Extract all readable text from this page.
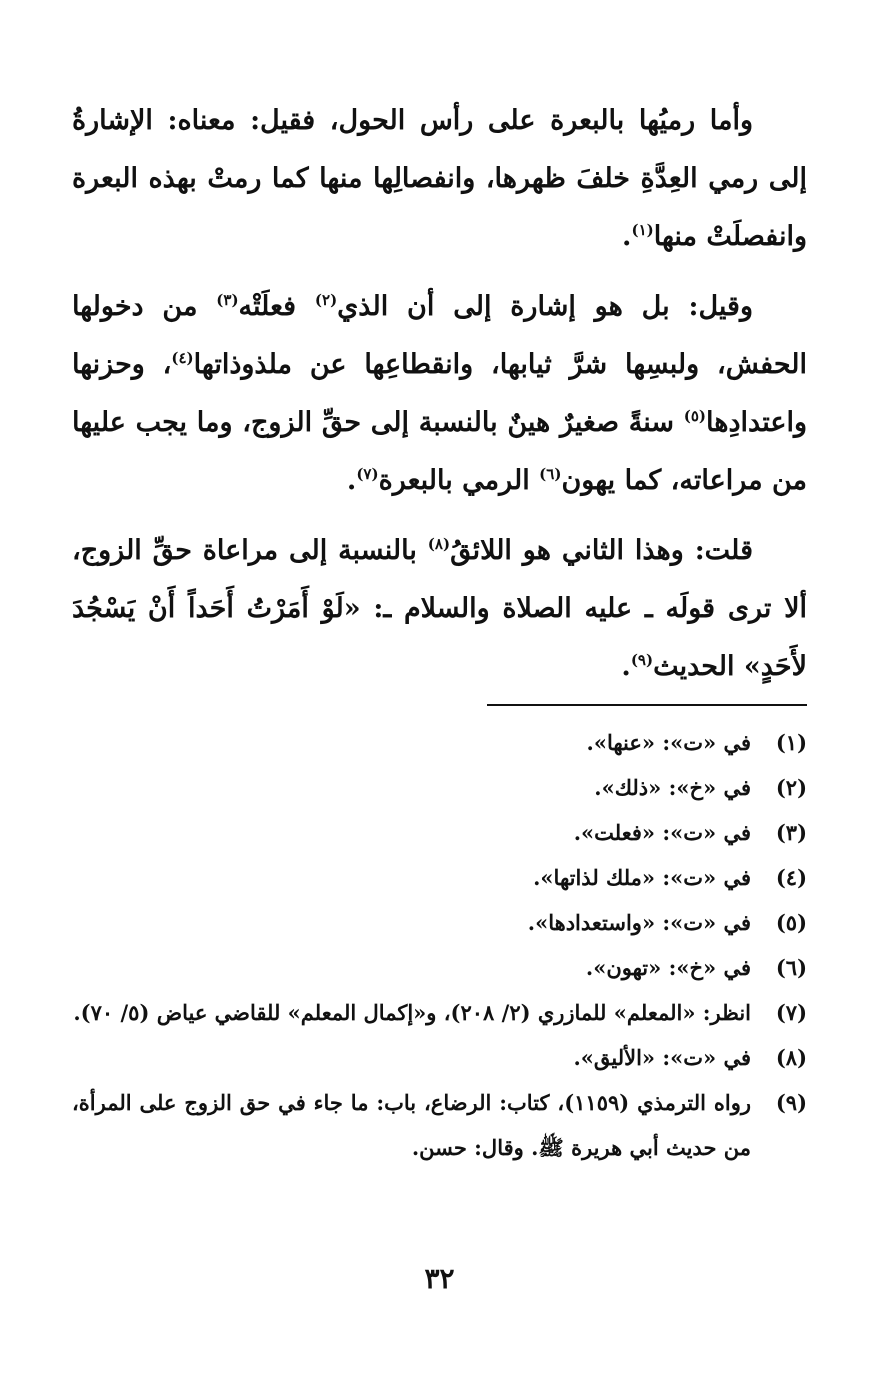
وأما رميُها بالبعرة على رأس الحول، فقيل: معناه: الإشارةُ إلى رمي العِدَّةِ خلفَ ظهرها، وانفصالِها منها كما رمتْ بهذه البعرة وانفصلَتْ منها$^{(١)}$.

وقيل: بل هو إشارة إلى أن الذي$^{(٢)}$ فعلَتْه$^{(٣)}$ من دخولها الحفش، ولبسِها شرَّ ثيابها، وانقطاعِها عن ملذوذاتها$^{(٤)}$، وحزنها واعتدادِها$^{(٥)}$ سنةً صغيرٌ هينٌ بالنسبة إلى حقِّ الزوج، وما يجب عليها من مراعاته، كما يهون$^{(٦)}$ الرمي بالبعرة$^{(٧)}$.

قلت: وهذا الثاني هو اللائقُ$^{(٨)}$ بالنسبة إلى مراعاة حقِّ الزوج، ألا ترى قولَه ـ عليه الصلاة والسلام ـ: «لَوْ أَمَرْتُ أَحَداً أَنْ يَسْجُدَ لأَحَدٍ» الحديث$^{(٩)}$.

(١)
في «ت»: «عنها».
(٢)
في «خ»: «ذلك».
(٣)
في «ت»: «فعلت».
(٤)
في «ت»: «ملك لذاتها».
(٥)
في «ت»: «واستعدادها».
(٦)
في «خ»: «تهون».
(٧)
انظر: «المعلم» للمازري (٢/ ٢٠٨)، و«إكمال المعلم» للقاضي عياض (٥/ ٧٠).
(٨)
في «ت»: «الأليق».
(٩)
رواه الترمذي (١١٥٩)، كتاب: الرضاع، باب: ما جاء في حق الزوج على المرأة، من حديث أبي هريرة ﷺ. وقال: حسن.
٣٢
